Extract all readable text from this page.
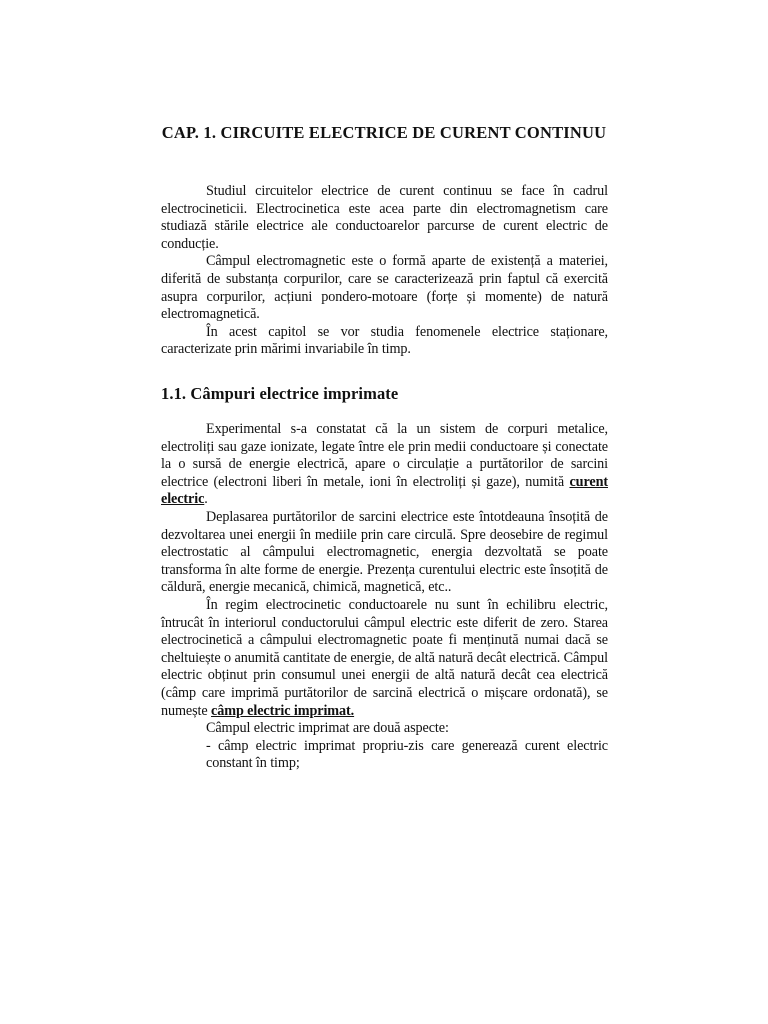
CAP. 1. CIRCUITE ELECTRICE DE CURENT CONTINUU

Studiul circuitelor electrice de curent continuu se face în cadrul electrocineticii. Electrocinetica este acea parte din electromagnetism care studiază stările electrice ale conductoarelor parcurse de curent electric de conducție.

Câmpul electromagnetic este o formă aparte de existență a materiei, diferită de substanța corpurilor, care se caracterizează prin faptul că exercită asupra corpurilor, acțiuni pondero-motoare (forțe și momente) de natură electromagnetică.

În acest capitol se vor studia fenomenele electrice staționare, caracterizate prin mărimi invariabile în timp.

1.1. Câmpuri electrice imprimate

Experimental s-a constatat că la un sistem de corpuri metalice, electroliți sau gaze ionizate, legate între ele prin medii conductoare și conectate la o sursă de energie electrică, apare o circulație a purtătorilor de sarcini electrice (electroni liberi în metale, ioni în electroliți și gaze), numită curent electric.

Deplasarea purtătorilor de sarcini electrice este întotdeauna însoțită de dezvoltarea unei energii în mediile prin care circulă. Spre deosebire de regimul electrostatic al câmpului electromagnetic, energia dezvoltată se poate transforma în alte forme de energie. Prezența curentului electric este însoțită de căldură, energie mecanică, chimică, magnetică, etc..

În regim electrocinetic conductoarele nu sunt în echilibru electric, întrucât în interiorul conductorului câmpul electric este diferit de zero. Starea electrocinetică a câmpului electromagnetic poate fi menținută numai dacă se cheltuiește o anumită cantitate de energie, de altă natură decât electrică. Câmpul electric obținut prin consumul unei energii de altă natură decât cea electrică (câmp care imprimă purtătorilor de sarcină electrică o mișcare ordonată), se numește câmp electric imprimat.

Câmpul electric imprimat are două aspecte:

- câmp electric imprimat propriu-zis care generează curent electric constant în timp;
